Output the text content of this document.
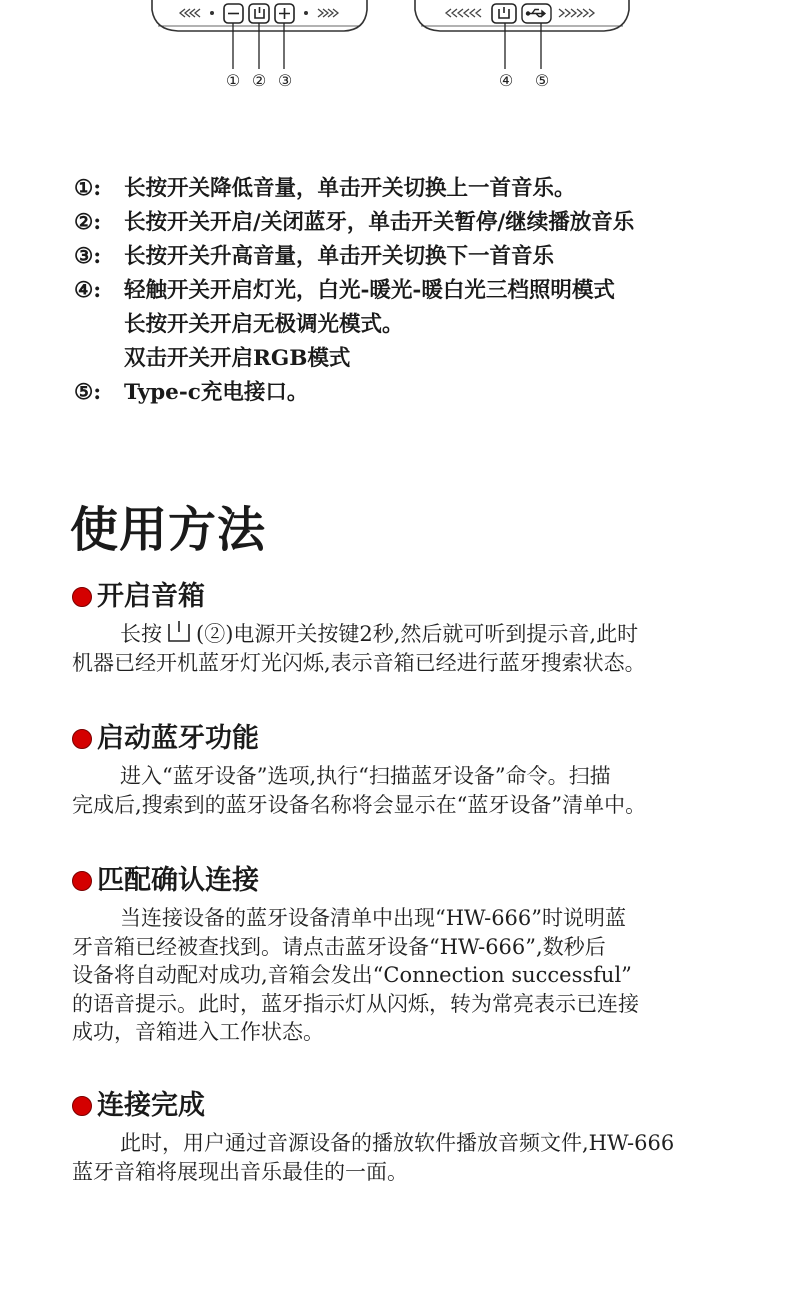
① ② ③	④ ⑤
①:	长按开关降低音量，单击开关切换上一首音乐。
②:	长按开关开启/关闭蓝牙，单击开关暂停/继续播放音乐
③:	长按开关升高音量，单击开关切换下一首音乐
④:	轻触开关开启灯光，白光-暖光-暖白光三档照明模式
长按开关开启无极调光模式。
双击开关开启RGB模式
⑤:	Type-c充电接口。
使用方法
开启音箱
长按 (②)电源开关按键2秒,然后就可听到提示音,此时
机器已经开机蓝牙灯光闪烁,表示音箱已经进行蓝牙搜索状态。
启动蓝牙功能
进入“蓝牙设备”选项,执行“扫描蓝牙设备”命令。扫描
完成后,搜索到的蓝牙设备名称将会显示在“蓝牙设备”清单中。
匹配确认连接
当连接设备的蓝牙设备清单中出现“HW-666”时说明蓝
牙音箱已经被查找到。请点击蓝牙设备“HW-666”,数秒后
设备将自动配对成功,音箱会发出“Connection successful”
的语音提示。此时，蓝牙指示灯从闪烁，转为常亮表示已连接
成功，音箱进入工作状态。
连接完成
此时，用户通过音源设备的播放软件播放音频文件,HW-666
蓝牙音箱将展现出音乐最佳的一面。
